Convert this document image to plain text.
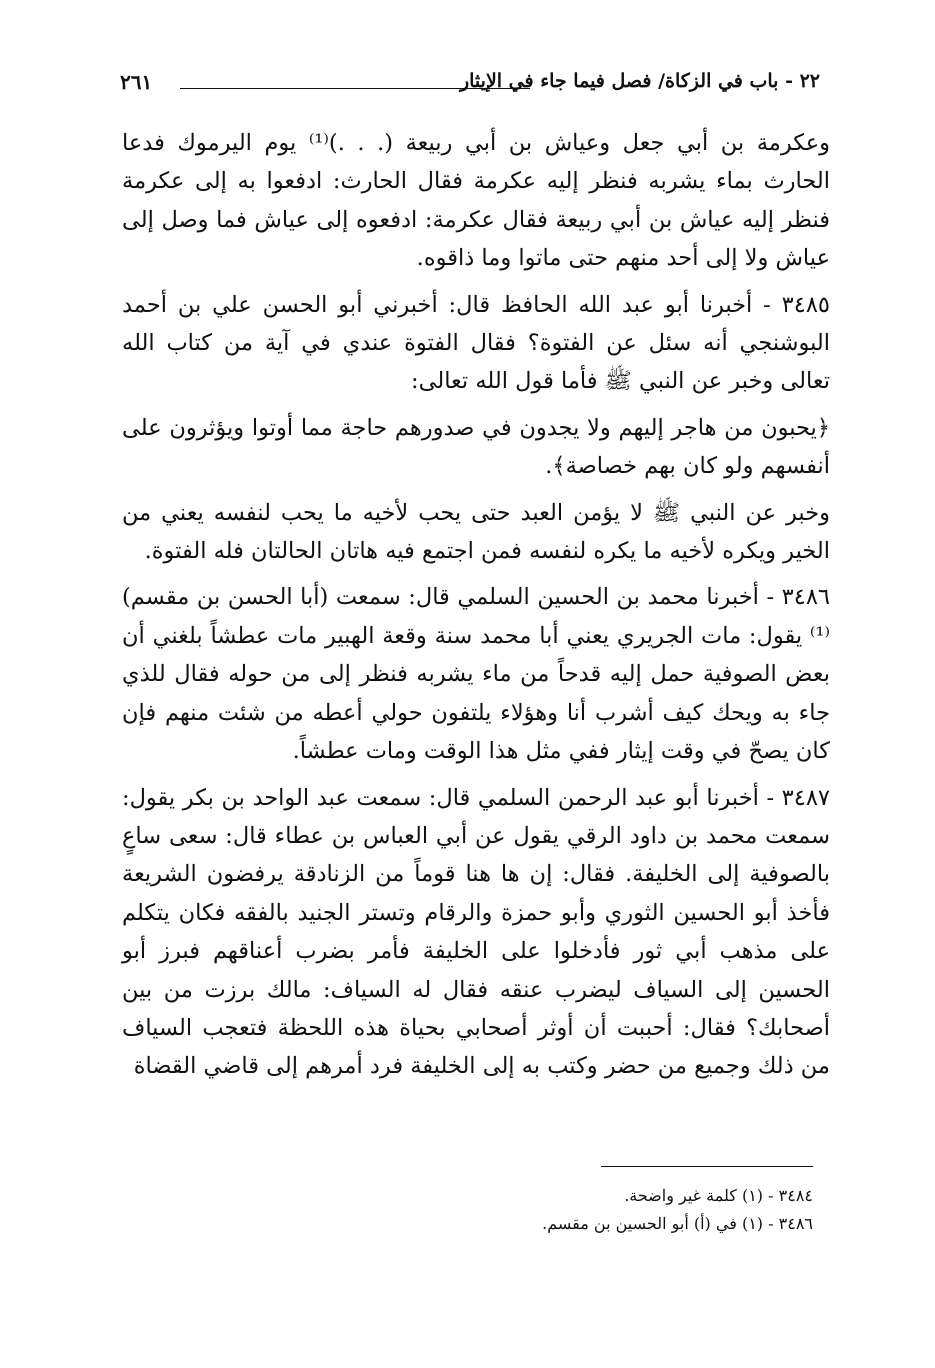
٢٢ - باب في الزكاة/ فصل فيما جاء في الإيثار
٢٦١

وعكرمة بن أبي جعل وعياش بن أبي ربيعة (. . .)⁽¹⁾ يوم اليرموك فدعا الحارث بماء يشربه فنظر إليه عكرمة فقال الحارث: ادفعوا به إلى عكرمة فنظر إليه عياش بن أبي ربيعة فقال عكرمة: ادفعوه إلى عياش فما وصل إلى عياش ولا إلى أحد منهم حتى ماتوا وما ذاقوه.

٣٤٨٥ - أخبرنا أبو عبد الله الحافظ قال: أخبرني أبو الحسن علي بن أحمد البوشنجي أنه سئل عن الفتوة؟ فقال الفتوة عندي في آية من كتاب الله تعالى وخبر عن النبي ﷺ فأما قول الله تعالى:

﴿يحبون من هاجر إليهم ولا يجدون في صدورهم حاجة مما أوتوا ويؤثرون على أنفسهم ولو كان بهم خصاصة﴾.

وخبر عن النبي ﷺ لا يؤمن العبد حتى يحب لأخيه ما يحب لنفسه يعني من الخير ويكره لأخيه ما يكره لنفسه فمن اجتمع فيه هاتان الحالتان فله الفتوة.

٣٤٨٦ - أخبرنا محمد بن الحسين السلمي قال: سمعت (أبا الحسن بن مقسم)⁽¹⁾ يقول: مات الجريري يعني أبا محمد سنة وقعة الهبير مات عطشاً بلغني أن بعض الصوفية حمل إليه قدحاً من ماء يشربه فنظر إلى من حوله فقال للذي جاء به ويحك كيف أشرب أنا وهؤلاء يلتفون حولي أعطه من شئت منهم فإن كان يصحّ في وقت إيثار ففي مثل هذا الوقت ومات عطشاً.

٣٤٨٧ - أخبرنا أبو عبد الرحمن السلمي قال: سمعت عبد الواحد بن بكر يقول: سمعت محمد بن داود الرقي يقول عن أبي العباس بن عطاء قال: سعى ساعٍ بالصوفية إلى الخليفة. فقال: إن ها هنا قوماً من الزنادقة يرفضون الشريعة فأخذ أبو الحسين الثوري وأبو حمزة والرقام وتستر الجنيد بالفقه فكان يتكلم على مذهب أبي ثور فأدخلوا على الخليفة فأمر بضرب أعناقهم فبرز أبو الحسين إلى السياف ليضرب عنقه فقال له السياف: مالك برزت من بين أصحابك؟ فقال: أحببت أن أوثر أصحابي بحياة هذه اللحظة فتعجب السياف من ذلك وجميع من حضر وكتب به إلى الخليفة فرد أمرهم إلى قاضي القضاة

٣٤٨٤ - (١) كلمة غير واضحة.

٣٤٨٦ - (١) في (أ) أبو الحسين بن مقسم.
